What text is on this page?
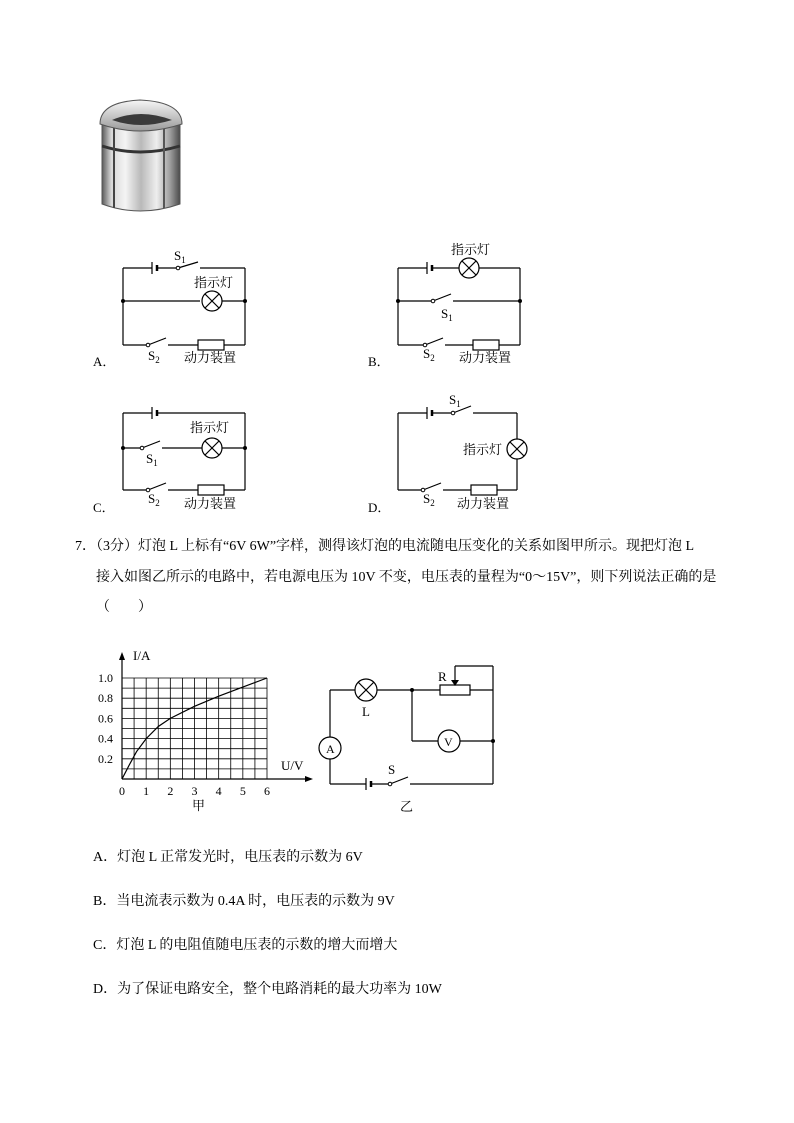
$S_1$
指示灯
$S_2$ 动力装置
A．
指示灯
$S_1$
$S_2$ 动力装置
B．
指示灯
$S_1$
$S_2$ 动力装置
C．
$S_1$
指示灯
$S_2$ 动力装置
D．
7．（3分）灯泡 L 上标有“6V 6W”字样，测得该灯泡的电流随电压变化的关系如图甲所示。现把灯泡 L
接入如图乙所示的电路中，若电源电压为 10V 不变，电压表的量程为“0～15V”，则下列说法正确的是
（　　）
0 1 2 3 4 5 6
0.2
0.4
0.6
0.8
1.0
I/A
U/V
甲
A	V
L
R
S
乙
A．灯泡 L 正常发光时，电压表的示数为 6V
B．当电流表示数为 0.4A 时，电压表的示数为 9V
C．灯泡 L 的电阻值随电压表的示数的增大而增大
D．为了保证电路安全，整个电路消耗的最大功率为 10W
